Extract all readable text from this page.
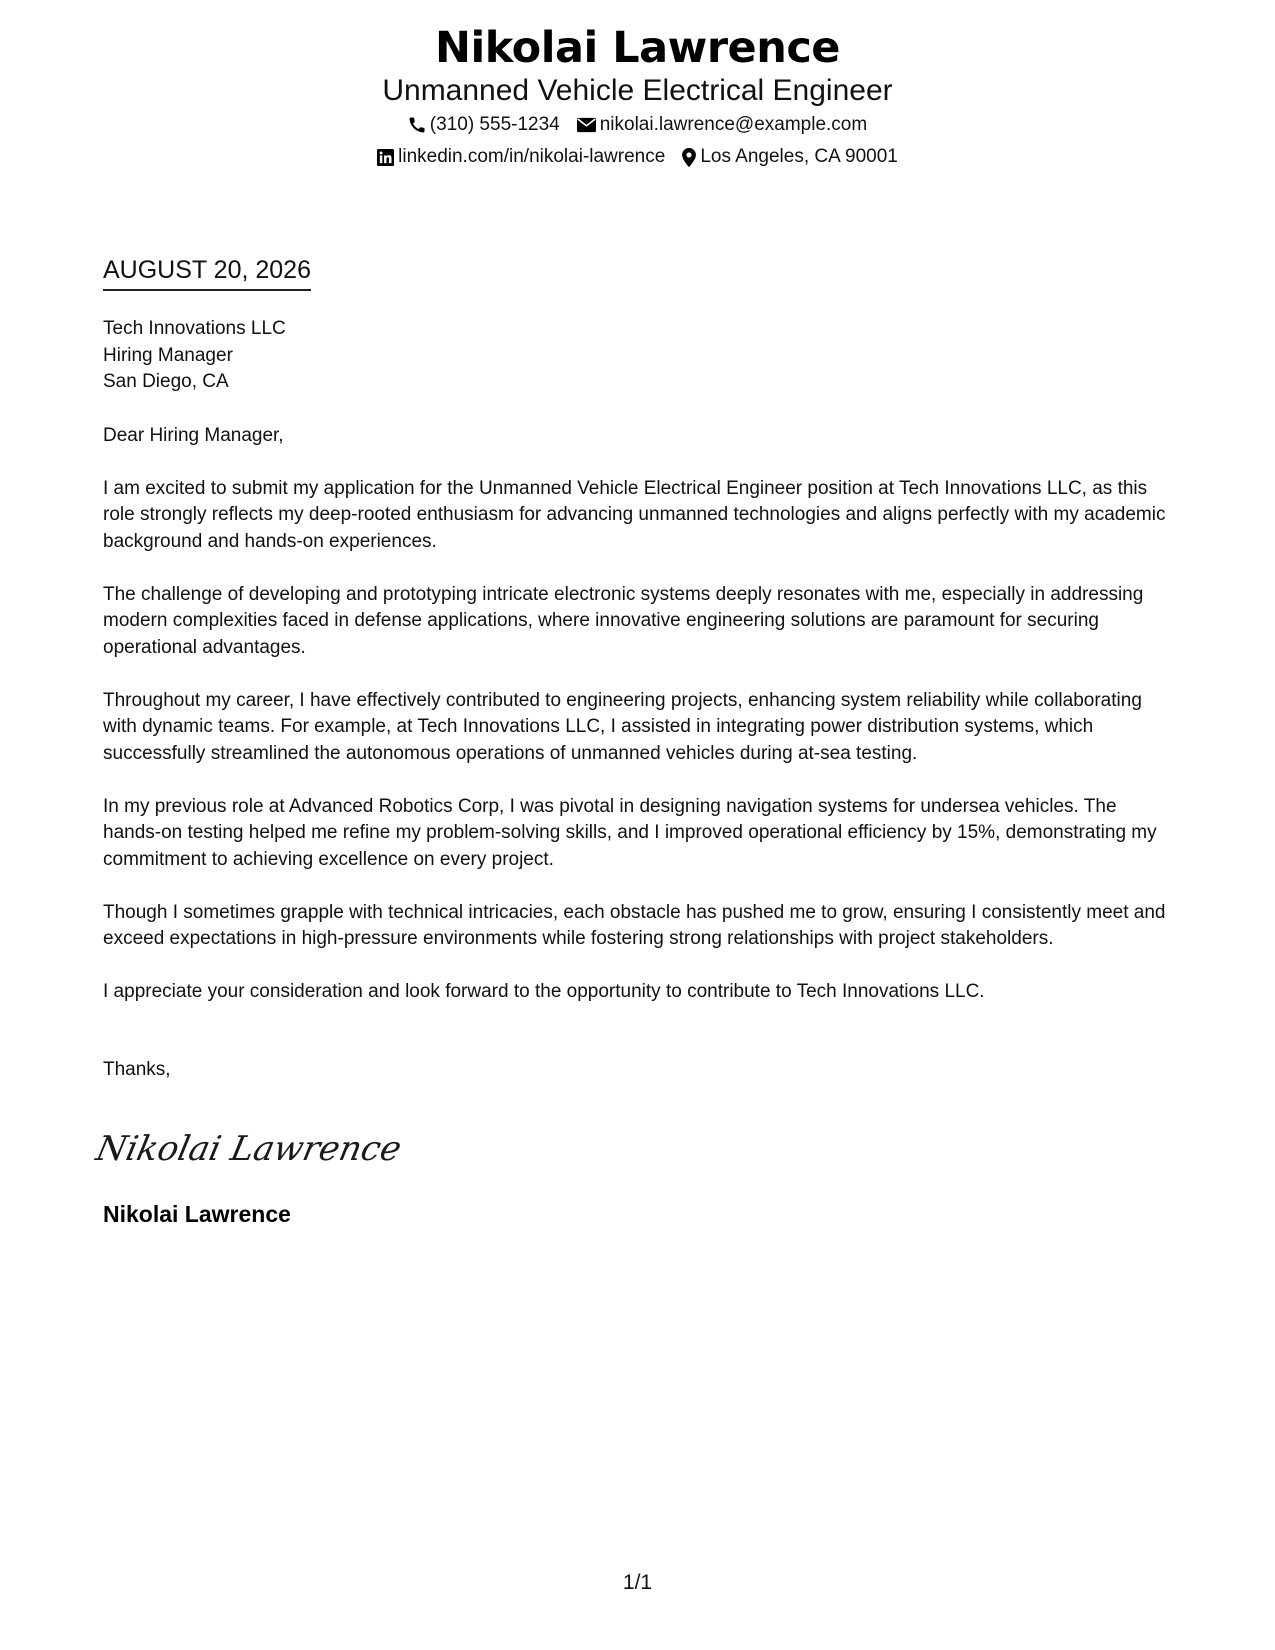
Nikolai Lawrence
Unmanned Vehicle Electrical Engineer
(310) 555-1234 nikolai.lawrence@example.com
linkedin.com/in/nikolai-lawrence Los Angeles, CA 90001
AUGUST 20, 2026
Tech Innovations LLC
Hiring Manager
San Diego, CA

Dear Hiring Manager,

I am excited to submit my application for the Unmanned Vehicle Electrical Engineer position at Tech Innovations LLC, as this role strongly reflects my deep-rooted enthusiasm for advancing unmanned technologies and aligns perfectly with my academic background and hands-on experiences.

The challenge of developing and prototyping intricate electronic systems deeply resonates with me, especially in addressing modern complexities faced in defense applications, where innovative engineering solutions are paramount for securing operational advantages.

Throughout my career, I have effectively contributed to engineering projects, enhancing system reliability while collaborating with dynamic teams. For example, at Tech Innovations LLC, I assisted in integrating power distribution systems, which successfully streamlined the autonomous operations of unmanned vehicles during at-sea testing.

In my previous role at Advanced Robotics Corp, I was pivotal in designing navigation systems for undersea vehicles. The hands-on testing helped me refine my problem-solving skills, and I improved operational efficiency by 15%, demonstrating my commitment to achieving excellence on every project.

Though I sometimes grapple with technical intricacies, each obstacle has pushed me to grow, ensuring I consistently meet and exceed expectations in high-pressure environments while fostering strong relationships with project stakeholders.

I appreciate your consideration and look forward to the opportunity to contribute to Tech Innovations LLC.

Thanks,
Nikolai Lawrence
Nikolai Lawrence
1/1
